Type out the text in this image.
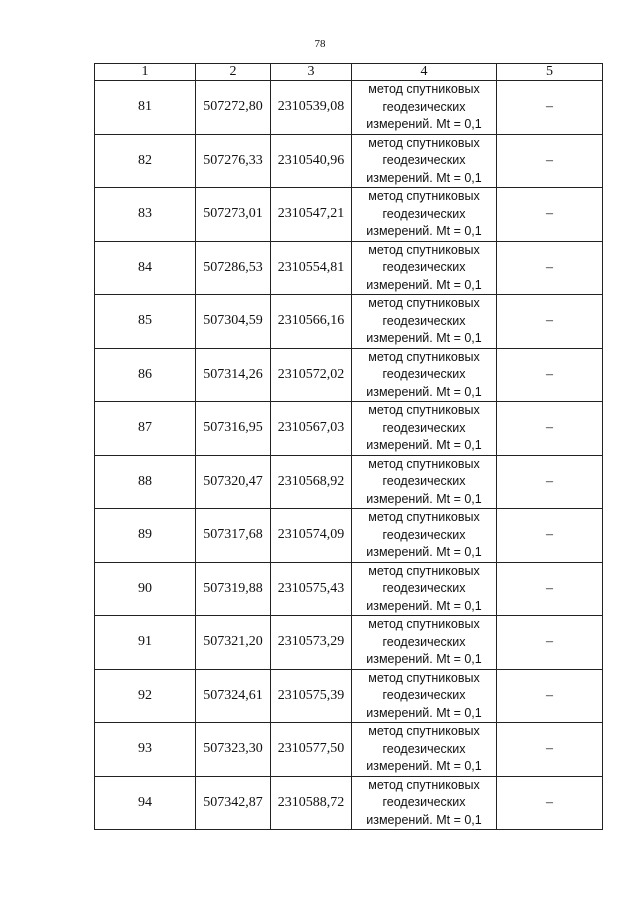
78
1	2	3	4	5
81	507272,80	2310539,08	метод спутниковых
геодезических
измерений. Mt = 0,1	–
82	507276,33	2310540,96	метод спутниковых
геодезических
измерений. Mt = 0,1	–
83	507273,01	2310547,21	метод спутниковых
геодезических
измерений. Mt = 0,1	–
84	507286,53	2310554,81	метод спутниковых
геодезических
измерений. Mt = 0,1	–
85	507304,59	2310566,16	метод спутниковых
геодезических
измерений. Mt = 0,1	–
86	507314,26	2310572,02	метод спутниковых
геодезических
измерений. Mt = 0,1	–
87	507316,95	2310567,03	метод спутниковых
геодезических
измерений. Mt = 0,1	–
88	507320,47	2310568,92	метод спутниковых
геодезических
измерений. Mt = 0,1	–
89	507317,68	2310574,09	метод спутниковых
геодезических
измерений. Mt = 0,1	–
90	507319,88	2310575,43	метод спутниковых
геодезических
измерений. Mt = 0,1	–
91	507321,20	2310573,29	метод спутниковых
геодезических
измерений. Mt = 0,1	–
92	507324,61	2310575,39	метод спутниковых
геодезических
измерений. Mt = 0,1	–
93	507323,30	2310577,50	метод спутниковых
геодезических
измерений. Mt = 0,1	–
94	507342,87	2310588,72	метод спутниковых
геодезических
измерений. Mt = 0,1	–
